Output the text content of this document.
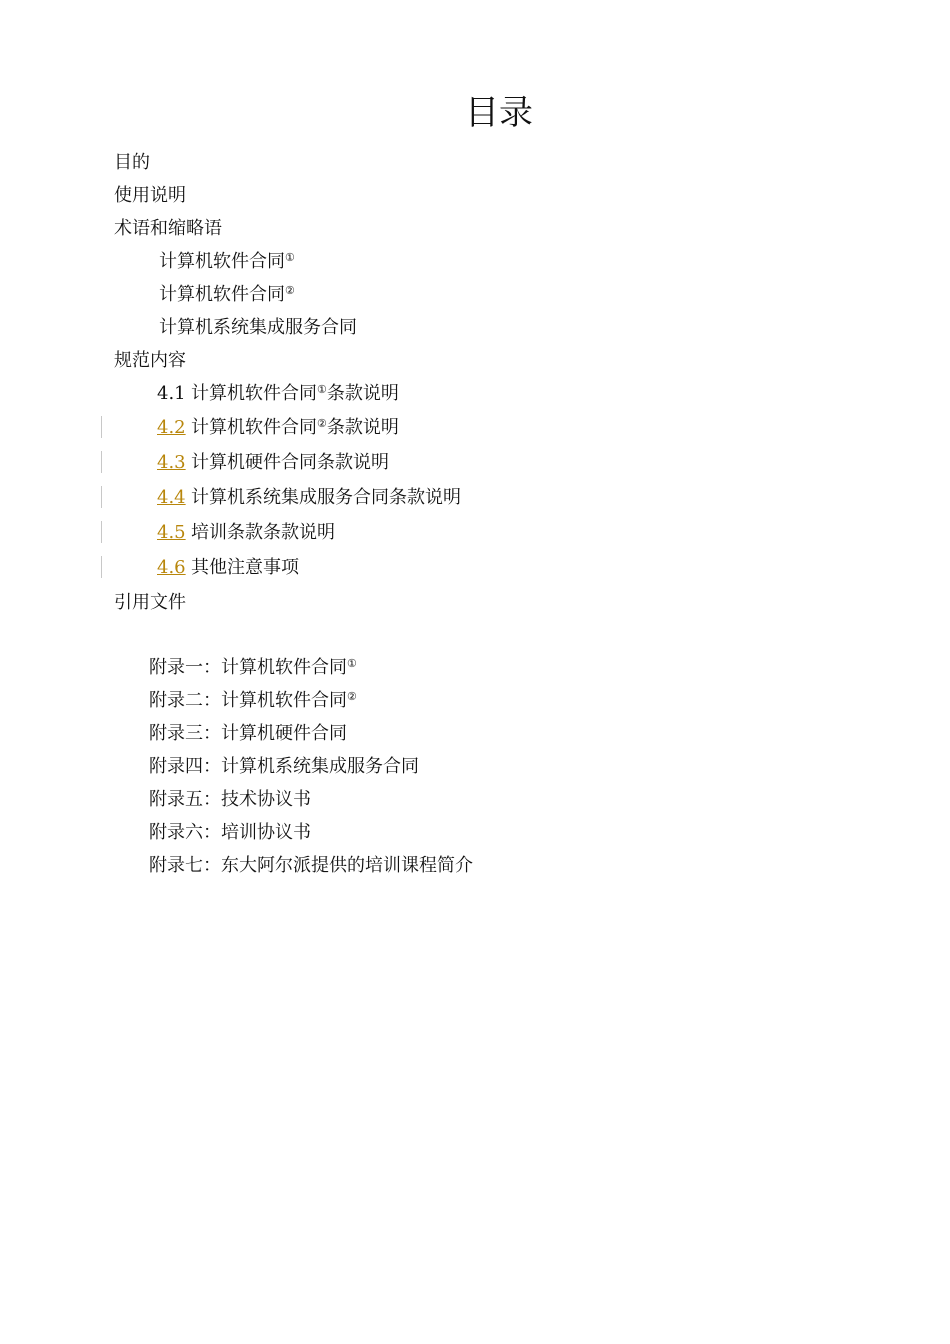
目录
目的
使用说明
术语和缩略语
计算机软件合同①
计算机软件合同②
计算机系统集成服务合同
规范内容
4.1 计算机软件合同①条款说明
4.2 计算机软件合同②条款说明
4.3 计算机硬件合同条款说明
4.4 计算机系统集成服务合同条款说明
4.5 培训条款条款说明
4.6 其他注意事项
引用文件
附录一：计算机软件合同①
附录二：计算机软件合同②
附录三：计算机硬件合同
附录四：计算机系统集成服务合同
附录五：技术协议书
附录六：培训协议书
附录七：东大阿尔派提供的培训课程简介
